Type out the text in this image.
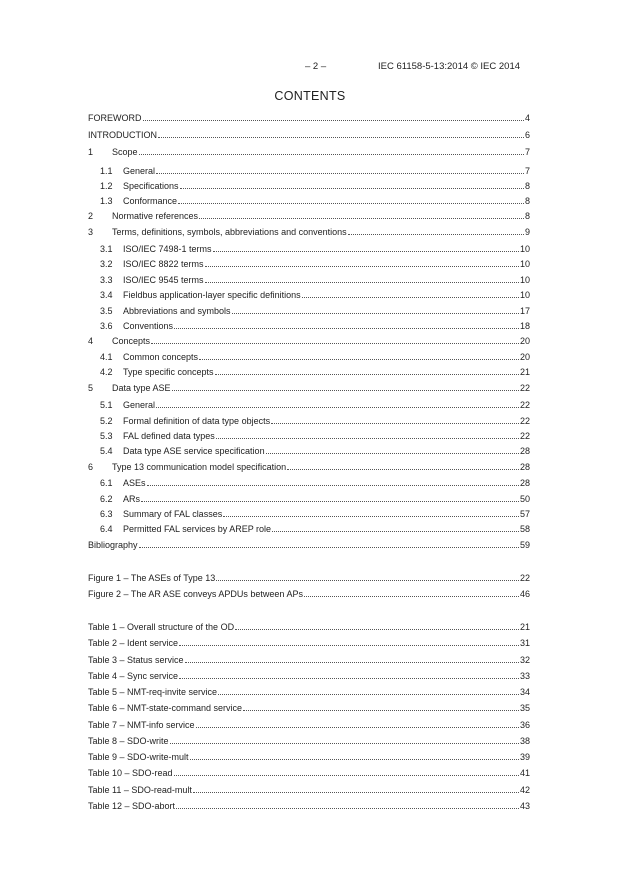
– 2 –	IEC 61158-5-13:2014 © IEC 2014
CONTENTS
FOREWORD	4
INTRODUCTION	6
1	Scope	7
1.1	General	7
1.2	Specifications	8
1.3	Conformance	8
2	Normative references	8
3	Terms, definitions, symbols, abbreviations and conventions	9
3.1	ISO/IEC 7498-1 terms	10
3.2	ISO/IEC 8822 terms	10
3.3	ISO/IEC 9545 terms	10
3.4	Fieldbus application-layer specific definitions	10
3.5	Abbreviations and symbols	17
3.6	Conventions	18
4	Concepts	20
4.1	Common concepts	20
4.2	Type specific concepts	21
5	Data type ASE	22
5.1	General	22
5.2	Formal definition of data type objects	22
5.3	FAL defined data types	22
5.4	Data type ASE service specification	28
6	Type 13 communication model specification	28
6.1	ASEs	28
6.2	ARs	50
6.3	Summary of FAL classes	57
6.4	Permitted FAL services by AREP role	58
Bibliography	59
Figure 1 – The ASEs of Type 13	22
Figure 2 – The AR ASE conveys APDUs between APs	46
Table 1 – Overall structure of the OD	21
Table 2 – Ident service	31
Table 3 – Status service	32
Table 4 – Sync service	33
Table 5 – NMT-req-invite service	34
Table 6 – NMT-state-command service	35
Table 7 – NMT-info service	36
Table 8 – SDO-write	38
Table 9 – SDO-write-mult	39
Table 10 – SDO-read	41
Table 11 – SDO-read-mult	42
Table 12 – SDO-abort	43
